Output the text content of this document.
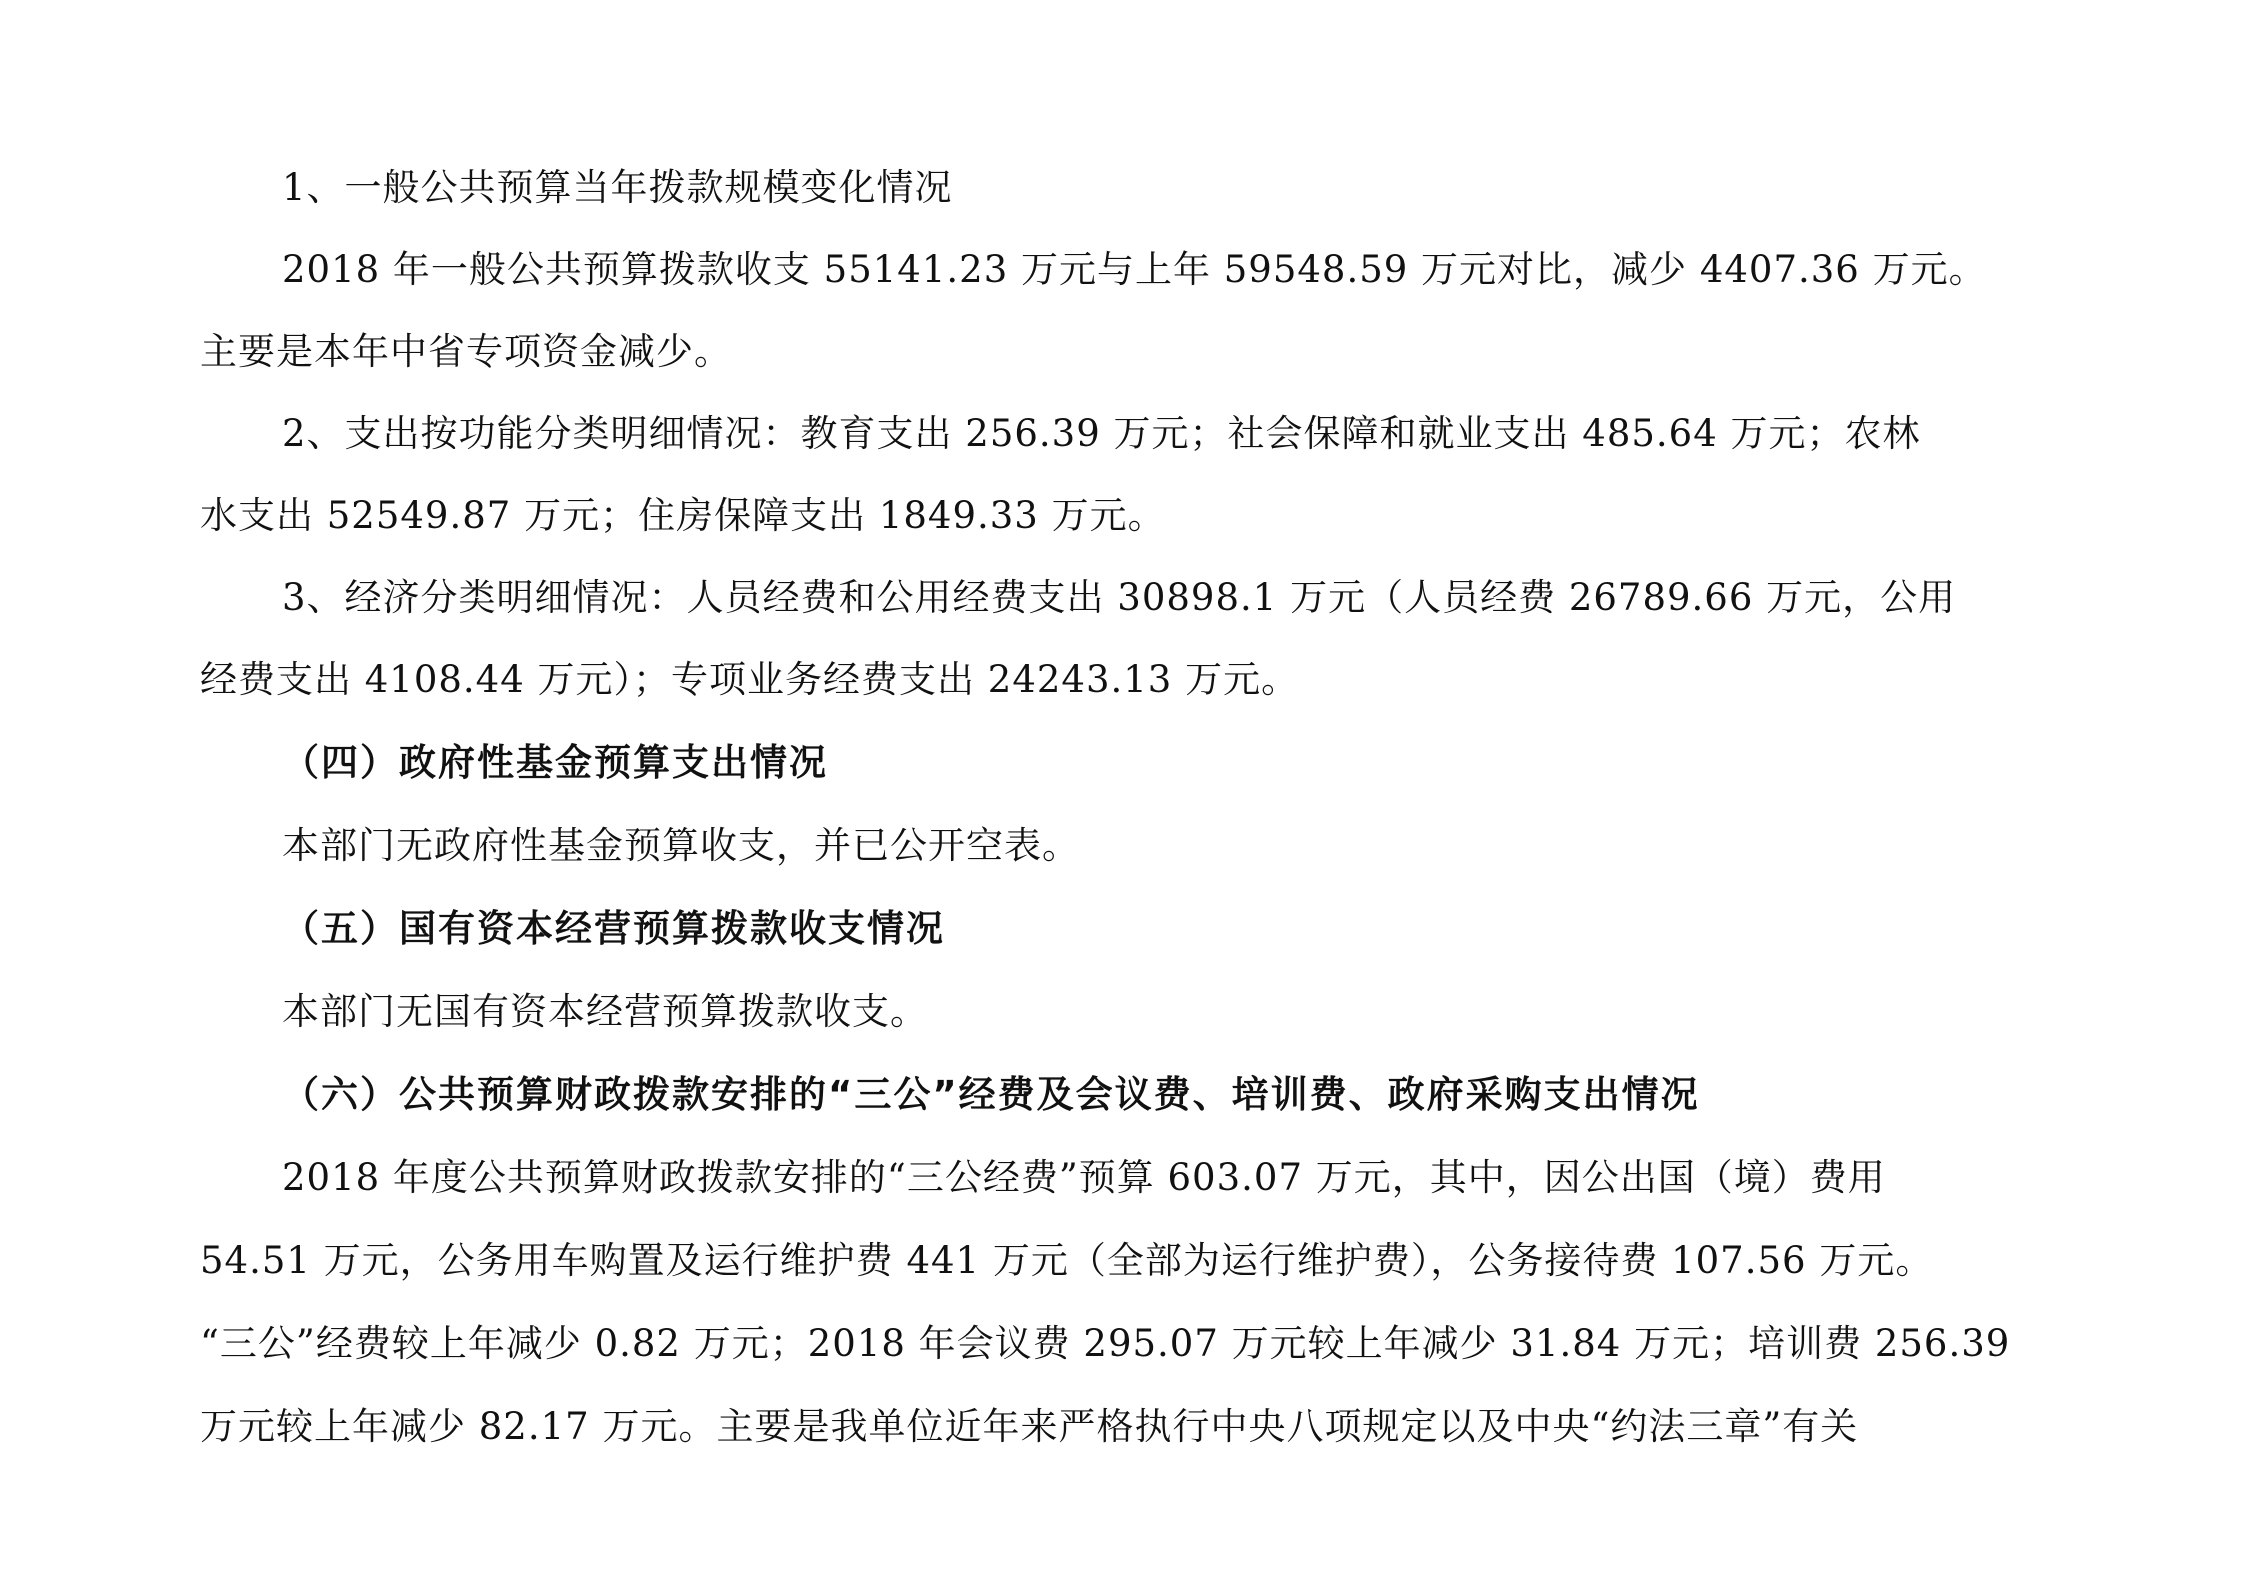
1、一般公共预算当年拨款规模变化情况
2018 年一般公共预算拨款收支 55141.23 万元与上年 59548.59 万元对比，减少 4407.36 万元。
主要是本年中省专项资金减少。
2、支出按功能分类明细情况：教育支出 256.39 万元；社会保障和就业支出 485.64 万元；农林
水支出 52549.87 万元；住房保障支出 1849.33 万元。
3、经济分类明细情况：人员经费和公用经费支出 30898.1 万元（人员经费 26789.66 万元，公用
经费支出 4108.44 万元）；专项业务经费支出 24243.13 万元。
（四）政府性基金预算支出情况
本部门无政府性基金预算收支，并已公开空表。
（五）国有资本经营预算拨款收支情况
本部门无国有资本经营预算拨款收支。
（六）公共预算财政拨款安排的“三公”经费及会议费、培训费、政府采购支出情况
2018 年度公共预算财政拨款安排的“三公经费”预算 603.07 万元，其中，因公出国（境）费用
54.51 万元，公务用车购置及运行维护费 441 万元（全部为运行维护费），公务接待费 107.56 万元。
“三公”经费较上年减少 0.82 万元；2018 年会议费 295.07 万元较上年减少 31.84 万元；培训费 256.39
万元较上年减少 82.17 万元。主要是我单位近年来严格执行中央八项规定以及中央“约法三章”有关
